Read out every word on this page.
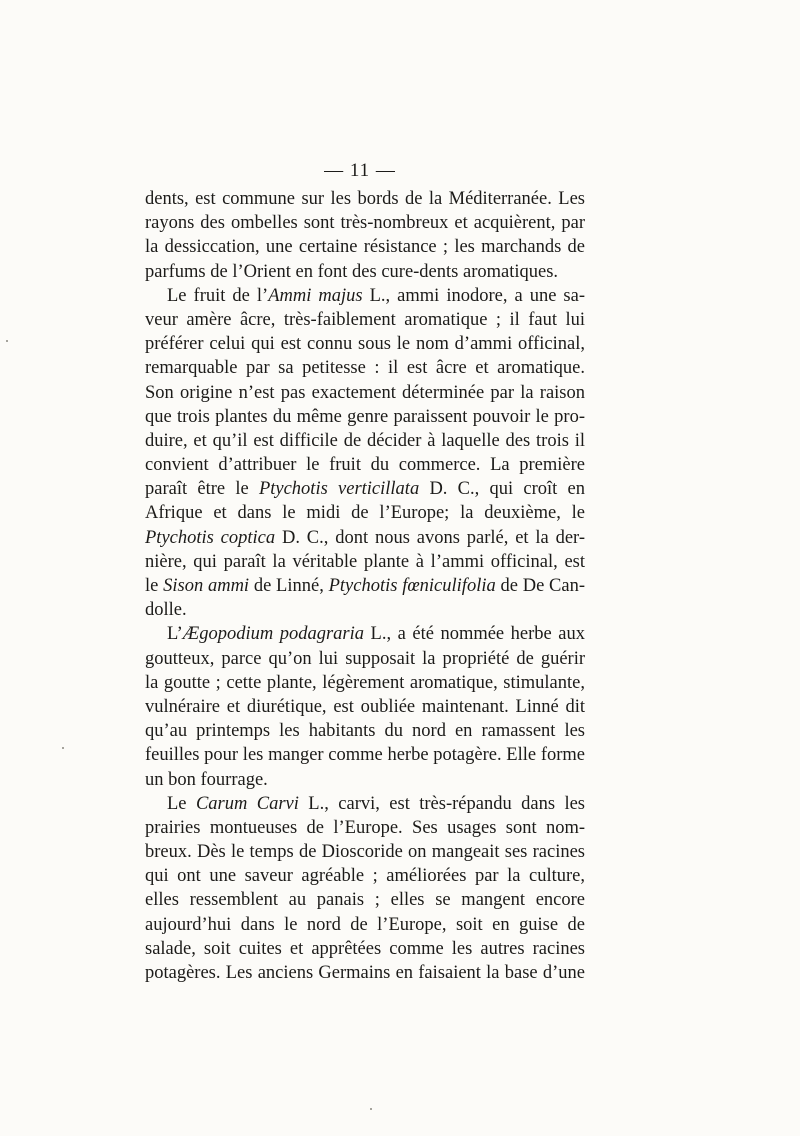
— 11 —
dents, est commune sur les bords de la Méditerranée. Les
rayons des ombelles sont très-nombreux et acquièrent, par
la dessiccation, une certaine résistance ; les marchands de
parfums de l’Orient en font des cure-dents aromatiques.
Le fruit de l’Ammi majus L., ammi inodore, a une sa-
veur amère âcre, très-faiblement aromatique ; il faut lui
préférer celui qui est connu sous le nom d’ammi officinal,
remarquable par sa petitesse : il est âcre et aromatique.
Son origine n’est pas exactement déterminée par la raison
que trois plantes du même genre paraissent pouvoir le pro-
duire, et qu’il est difficile de décider à laquelle des trois il
convient d’attribuer le fruit du commerce. La première
paraît être le Ptychotis verticillata D. C., qui croît en
Afrique et dans le midi de l’Europe; la deuxième, le
Ptychotis coptica D. C., dont nous avons parlé, et la der-
nière, qui paraît la véritable plante à l’ammi officinal, est
le Sison ammi de Linné, Ptychotis fœniculifolia de De Can-
dolle.
L’Ægopodium podagraria L., a été nommée herbe aux
goutteux, parce qu’on lui supposait la propriété de guérir
la goutte ; cette plante, légèrement aromatique, stimulante,
vulnéraire et diurétique, est oubliée maintenant. Linné dit
qu’au printemps les habitants du nord en ramassent les
feuilles pour les manger comme herbe potagère. Elle forme
un bon fourrage.
Le Carum Carvi L., carvi, est très-répandu dans les
prairies montueuses de l’Europe. Ses usages sont nom-
breux. Dès le temps de Dioscoride on mangeait ses racines
qui ont une saveur agréable ; améliorées par la culture,
elles ressemblent au panais ; elles se mangent encore
aujourd’hui dans le nord de l’Europe, soit en guise de
salade, soit cuites et apprêtées comme les autres racines
potagères. Les anciens Germains en faisaient la base d’une
